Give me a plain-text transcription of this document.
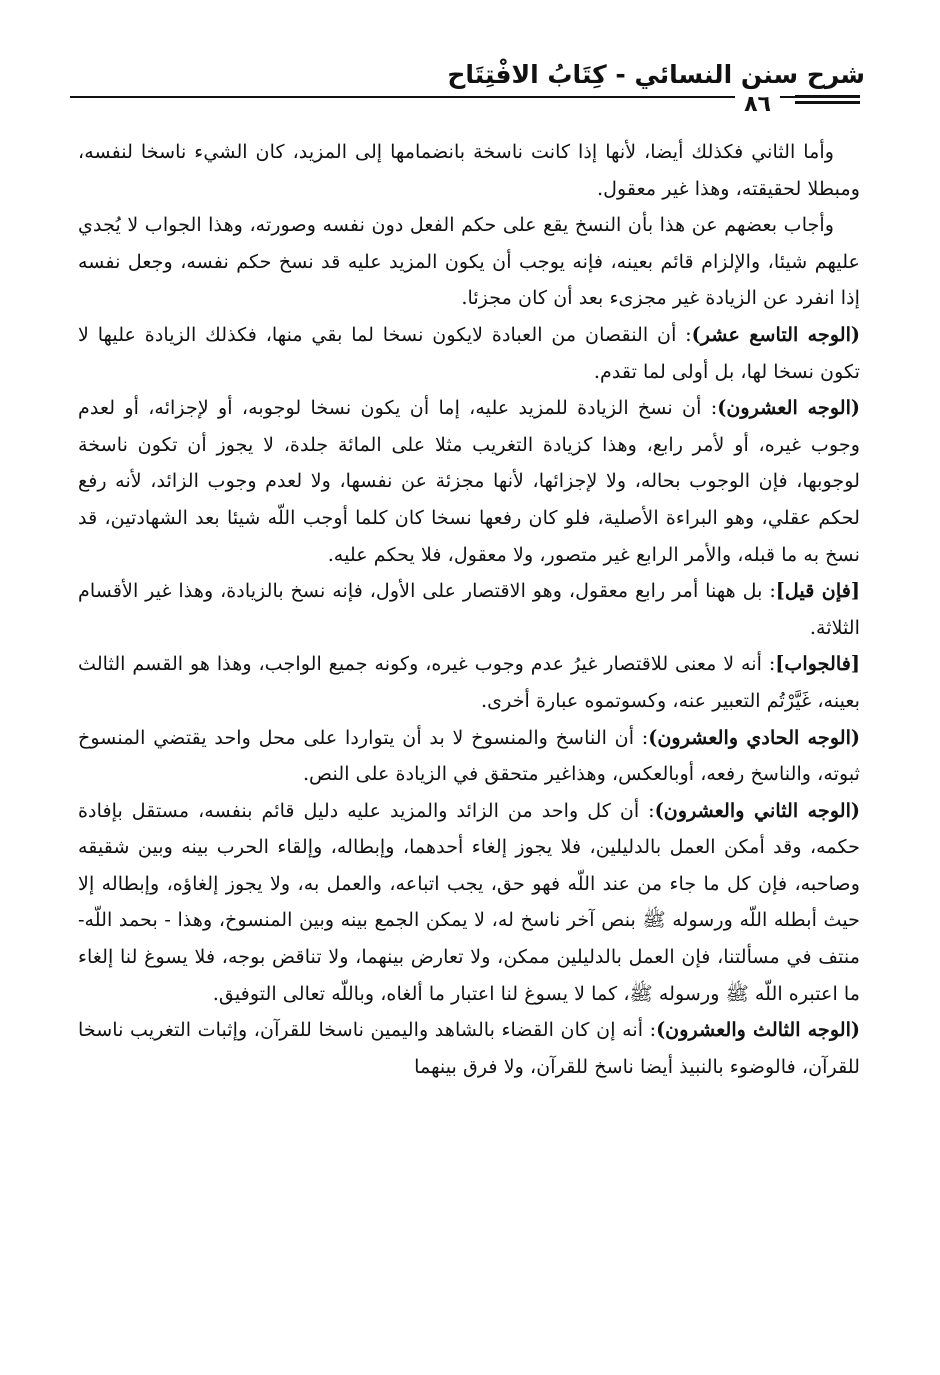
شرح سنن النسائي - كِتَابُ الافْتِتَاح
٨٦

وأما الثاني فكذلك أيضا، لأنها إذا كانت ناسخة بانضمامها إلى المزيد، كان الشيء ناسخا لنفسه، ومبطلا لحقيقته، وهذا غير معقول.

وأجاب بعضهم عن هذا بأن النسخ يقع على حكم الفعل دون نفسه وصورته، وهذا الجواب لا يُجدي عليهم شيئا، والإلزام قائم بعينه، فإنه يوجب أن يكون المزيد عليه قد نسخ حكم نفسه، وجعل نفسه إذا انفرد عن الزيادة غير مجزىء بعد أن كان مجزئا.

(الوجه التاسع عشر): أن النقصان من العبادة لايكون نسخا لما بقي منها، فكذلك الزيادة عليها لا تكون نسخا لها، بل أولى لما تقدم.

(الوجه العشرون): أن نسخ الزيادة للمزيد عليه، إما أن يكون نسخا لوجوبه، أو لإجزائه، أو لعدم وجوب غيره، أو لأمر رابع، وهذا كزيادة التغريب مثلا على المائة جلدة، لا يجوز أن تكون ناسخة لوجوبها، فإن الوجوب بحاله، ولا لإجزائها، لأنها مجزئة عن نفسها، ولا لعدم وجوب الزائد، لأنه رفع لحكم عقلي، وهو البراءة الأصلية، فلو كان رفعها نسخا كان كلما أوجب اللّه شيئا بعد الشهادتين، قد نسخ به ما قبله، والأمر الرابع غير متصور، ولا معقول، فلا يحكم عليه.

[فإن قيل]: بل ههنا أمر رابع معقول، وهو الاقتصار على الأول، فإنه نسخ بالزيادة، وهذا غير الأقسام الثلاثة.

[فالجواب]: أنه لا معنى للاقتصار غيرُ عدم وجوب غيره، وكونه جميع الواجب، وهذا هو القسم الثالث بعينه، غَيَّرْتُم التعبير عنه، وكسوتموه عبارة أخرى.

(الوجه الحادي والعشرون): أن الناسخ والمنسوخ لا بد أن يتواردا على محل واحد يقتضي المنسوخ ثبوته، والناسخ رفعه، أوبالعكس، وهذاغير متحقق في الزيادة على النص.

(الوجه الثاني والعشرون): أن كل واحد من الزائد والمزيد عليه دليل قائم بنفسه، مستقل بإفادة حكمه، وقد أمكن العمل بالدليلين، فلا يجوز إلغاء أحدهما، وإبطاله، وإلقاء الحرب بينه وبين شقيقه وصاحبه، فإن كل ما جاء من عند اللّه فهو حق، يجب اتباعه، والعمل به، ولا يجوز إلغاؤه، وإبطاله إلا حيث أبطله اللّه ورسوله ﷺ بنص آخر ناسخ له، لا يمكن الجمع بينه وبين المنسوخ، وهذا - بحمد اللّه- منتف في مسألتنا، فإن العمل بالدليلين ممكن، ولا تعارض بينهما، ولا تناقض بوجه، فلا يسوغ لنا إلغاء ما اعتبره اللّه ﷺ ورسوله ﷺ، كما لا يسوغ لنا اعتبار ما ألغاه، وباللّه تعالى التوفيق.

(الوجه الثالث والعشرون): أنه إن كان القضاء بالشاهد واليمين ناسخا للقرآن، وإثبات التغريب ناسخا للقرآن، فالوضوء بالنبيذ أيضا ناسخ للقرآن، ولا فرق بينهما
